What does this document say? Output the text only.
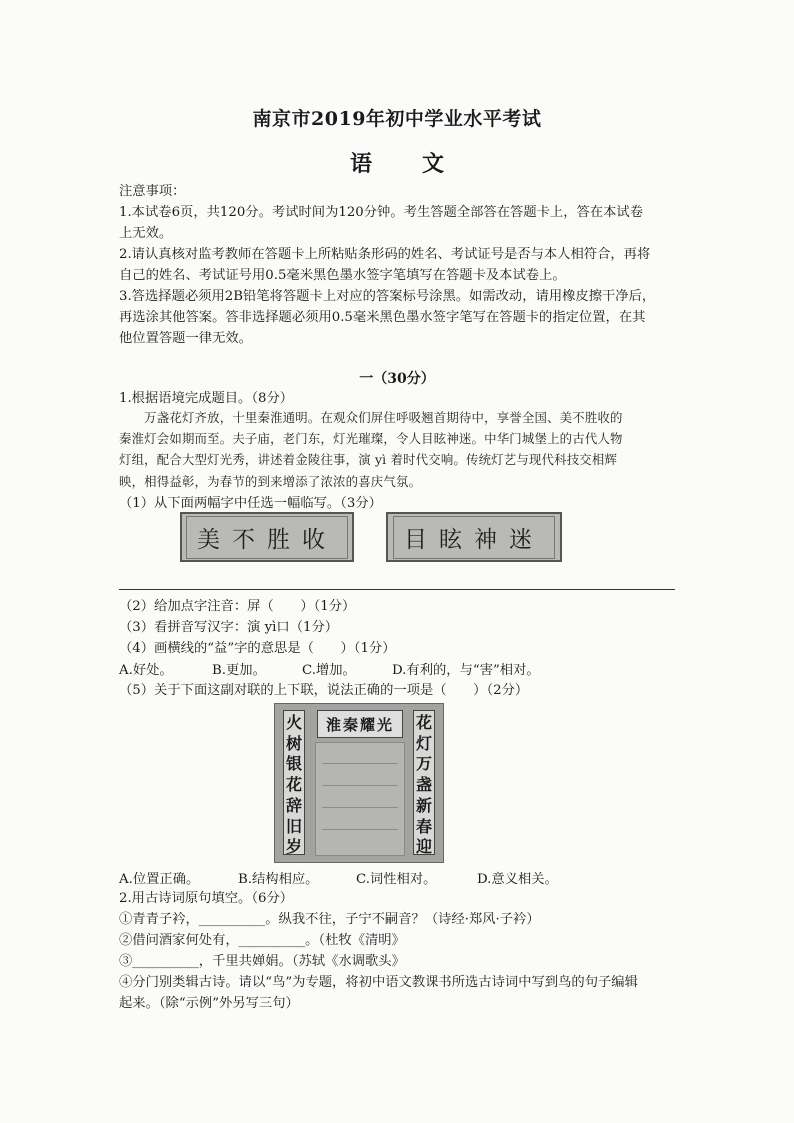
南京市2019年初中学业水平考试
语 文
注意事项：
1.本试卷6页，共120分。考试时间为120分钟。考生答题全部答在答题卡上，答在本试卷
上无效。
2.请认真核对监考教师在答题卡上所粘贴条形码的姓名、考试证号是否与本人相符合，再将
自己的姓名、考试证号用0.5毫米黑色墨水签字笔填写在答题卡及本试卷上。
3.答选择题必须用2B铅笔将答题卡上对应的答案标号涂黑。如需改动，请用橡皮擦干净后，
再选涂其他答案。答非选择题必须用0.5毫米黑色墨水签字笔写在答题卡的指定位置，在其
他位置答题一律无效。
一（30分）
1.根据语境完成题目。（8分）
　　万盏花灯齐放，十里秦淮通明。在观众们屏住呼吸翘首期待中，享誉全国、美不胜收的
秦淮灯会如期而至。夫子庙，老门东，灯光璀璨，令人目眩神迷。中华门城堡上的古代人物
灯组，配合大型灯光秀，讲述着金陵往事，演 yì 着时代交响。传统灯艺与现代科技交相辉
映，相得益彰，为春节的到来增添了浓浓的喜庆气氛。
（1）从下面两幅字中任选一幅临写。（3分）
美不胜收	目眩神迷
（2）给加点字注音：屏（　　）（1分）
（3）看拼音写汉字：演 yì口（1分）
（4）画横线的“益”字的意思是（　　）（1分）
A.好处。	B.更加。	C.增加。	D.有利的，与“害”相对。
（5）关于下面这副对联的上下联，说法正确的一项是（　　）（2分）
淮秦耀光
火
树
银
花
辞
旧
岁
花
灯
万
盏
新
春
迎
A.位置正确。	B.结构相应。	C.词性相对。	D.意义相关。
2.用古诗词原句填空。（6分）
①青青子衿，__________。纵我不往，子宁不嗣音？（诗经·郑风·子衿）
②借问酒家何处有，__________。（杜牧《清明》
③__________，千里共婵娟。（苏轼《水调歌头》
④分门别类辑古诗。请以“鸟”为专题，将初中语文教课书所选古诗词中写到鸟的句子编辑
起来。（除“示例”外另写三句）
